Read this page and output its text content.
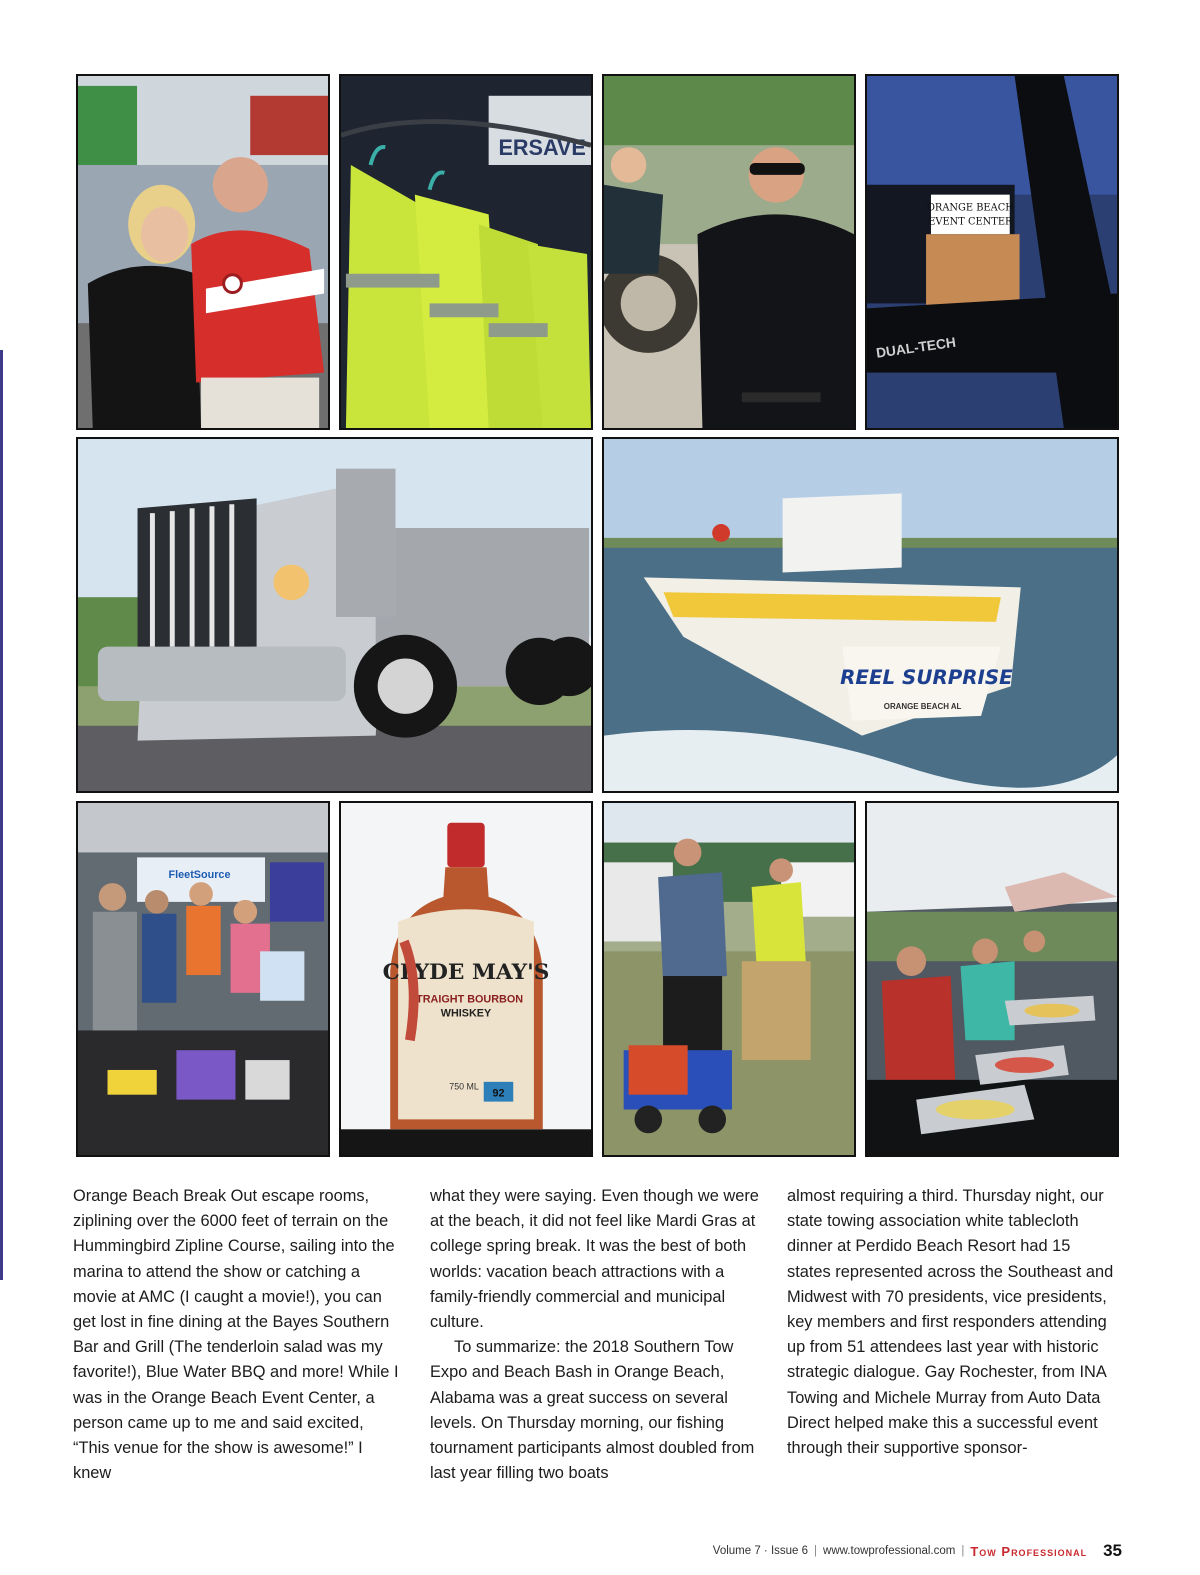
ERSAVE
ORANGE BEACH
EVENT CENTER
DUAL-TECH
REEL SURPRISE
ORANGE BEACH AL
FleetSource
CLYDE MAY'S
STRAIGHT BOURBON
WHISKEY
750 ML
92

Orange Beach Break Out escape rooms, ziplining over the 6000 feet of terrain on the Hummingbird Zipline Course, sailing into the marina to attend the show or catching a movie at AMC (I caught a movie!), you can get lost in fine dining at the Bayes Southern Bar and Grill (The tenderloin salad was my favorite!), Blue Water BBQ and more! While I was in the Orange Beach Event Center, a person came up to me and said excited, “This venue for the show is awesome!” I knew

what they were saying. Even though we were at the beach, it did not feel like Mardi Gras at college spring break. It was the best of both worlds: vacation beach attractions with a family-friendly commercial and municipal culture.

To summarize: the 2018 Southern Tow Expo and Beach Bash in Orange Beach, Alabama was a great success on several levels. On Thursday morning, our fishing tournament participants almost doubled from last year filling two boats

almost requiring a third. Thursday night, our state towing association white tablecloth dinner at Perdido Beach Resort had 15 states represented across the Southeast and Midwest with 70 presidents, vice presidents, key members and first responders attending up from 51 attendees last year with historic strategic dialogue. Gay Rochester, from INA Towing and Michele Murray from Auto Data Direct helped make this a successful event through their supportive sponsor-

Volume 7 · Issue 6 | www.towprofessional.com | Tow Professional 35
